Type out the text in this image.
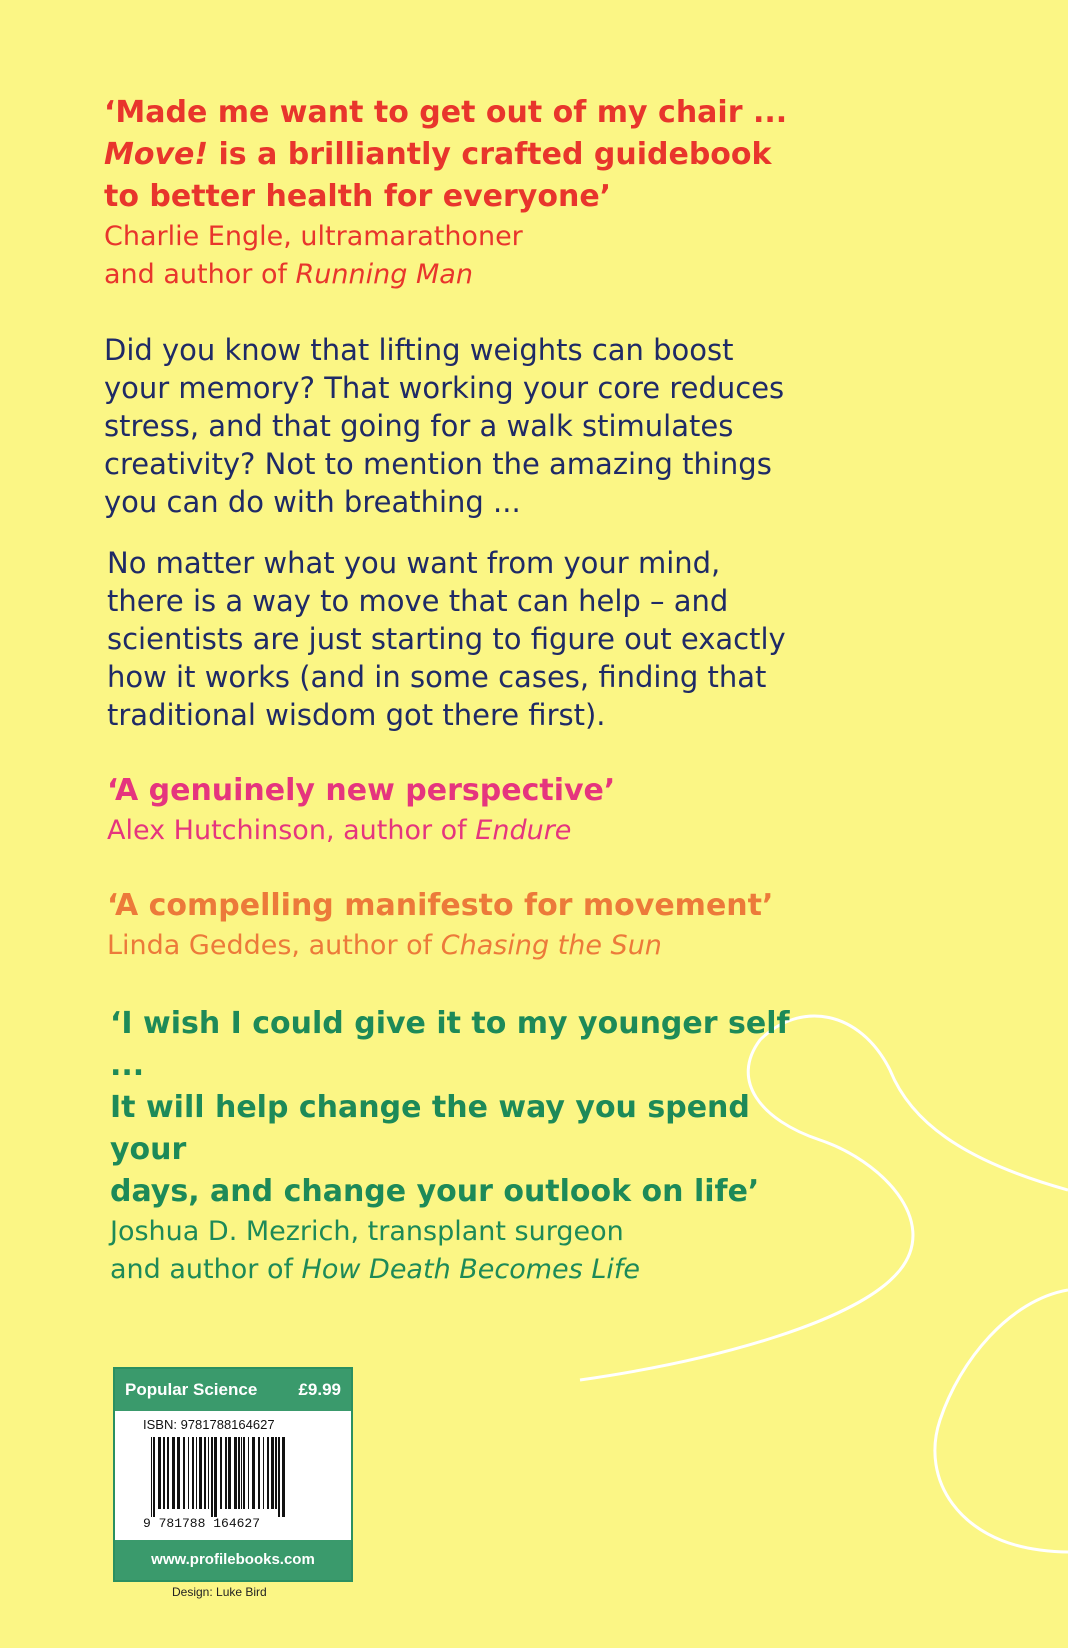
‘Made me want to get out of my chair ...
Move! is a brilliantly crafted guidebook
to better health for everyone’
Charlie Engle, ultramarathoner
and author of Running Man

Did you know that lifting weights can boost

your memory? That working your core reduces

stress, and that going for a walk stimulates

creativity? Not to mention the amazing things

you can do with breathing ...

No matter what you want from your mind,

there is a way to move that can help – and

scientists are just starting to figure out exactly

how it works (and in some cases, finding that

traditional wisdom got there first).

‘A genuinely new perspective’
Alex Hutchinson, author of Endure
‘A compelling manifesto for movement’
Linda Geddes, author of Chasing the Sun
‘I wish I could give it to my younger self ...
It will help change the way you spend your
days, and change your outlook on life’
Joshua D. Mezrich, transplant surgeon
and author of How Death Becomes Life
Popular Science £9.99
ISBN: 9781788164627
9 781788 164627
www.profilebooks.com
Design: Luke Bird
